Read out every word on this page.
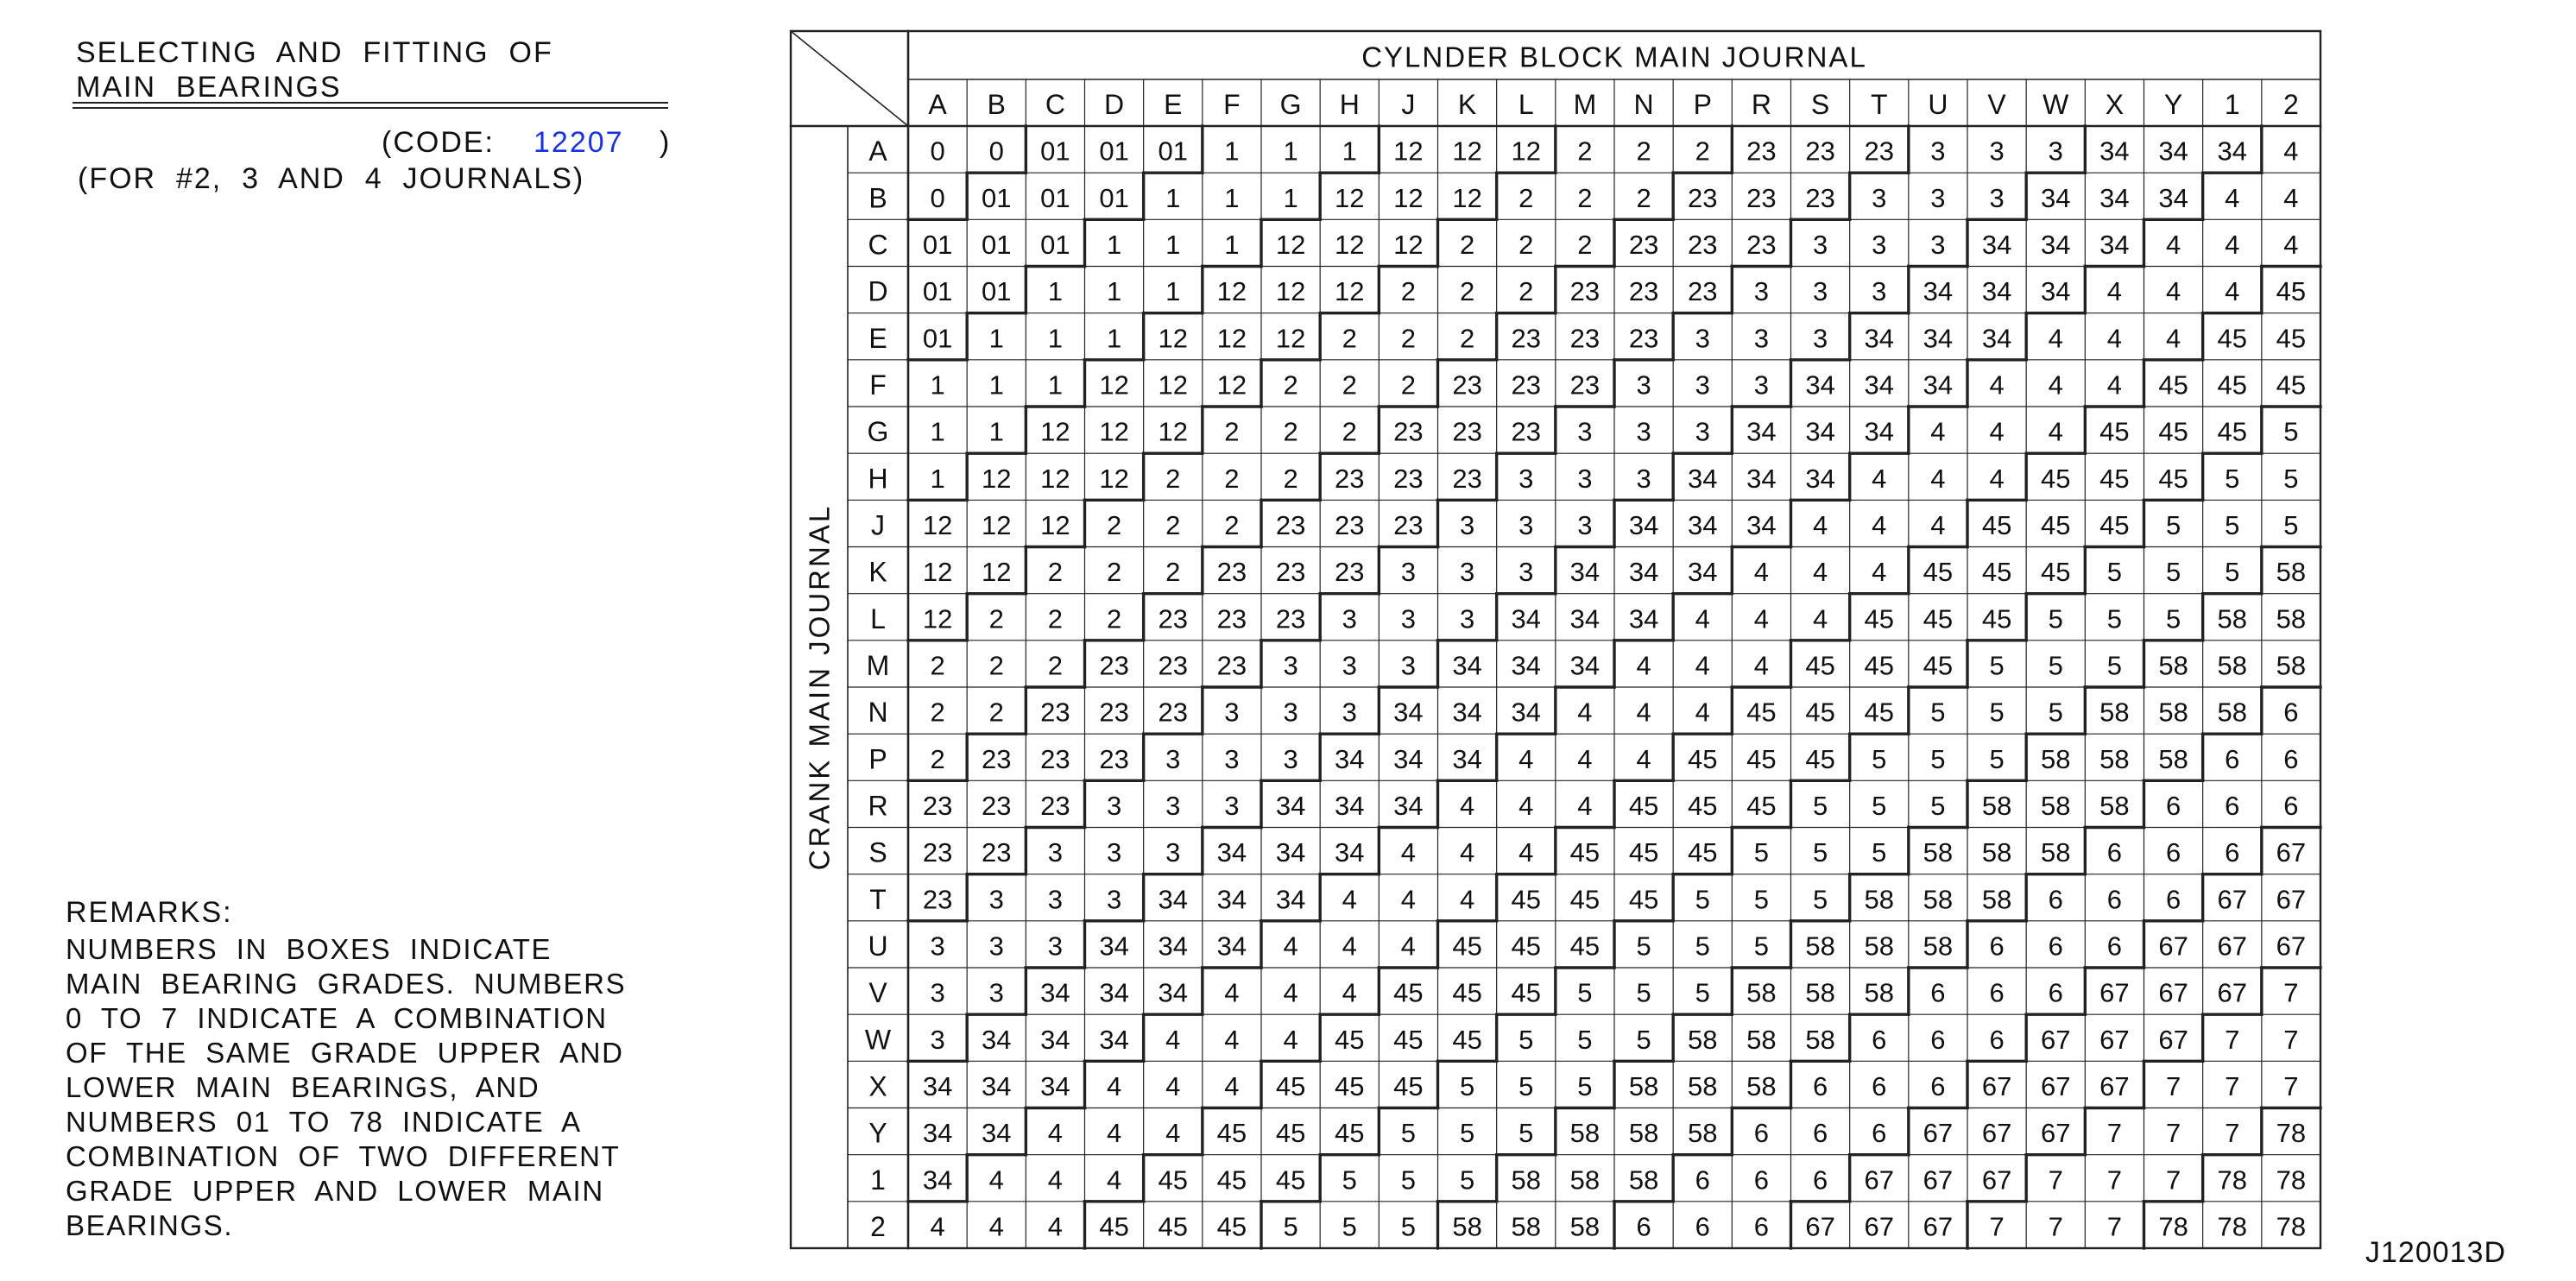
SELECTING  AND  FITTING  OF
MAIN  BEARINGS
(CODE: 12207 )
(FOR  #2,  3  AND  4  JOURNALS)
REMARKS:
NUMBERS  IN  BOXES  INDICATE
MAIN  BEARING  GRADES.  NUMBERS
0  TO  7  INDICATE  A  COMBINATION
OF  THE  SAME  GRADE  UPPER  AND
LOWER  MAIN  BEARINGS,  AND
NUMBERS  01  TO  78  INDICATE  A
COMBINATION  OF  TWO  DIFFERENT
GRADE  UPPER  AND  LOWER  MAIN
BEARINGS.
J120013D
CYLNDER BLOCK MAIN JOURNAL
CRANK MAIN JOURNAL
A B C D E F G H J K L M N P R S T U V W X Y 1 2
A
B
C
D
E
F
G
H
J
K
L
M
N
P
R
S
T
U
V
W
X
Y
1
2
0 0 01 01 01 1 1 1 12 12 12 2 2 2 23 23 23 3 3 3 34 34 34 4
0 01 01 01 1 1 1 12 12 12 2 2 2 23 23 23 3 3 3 34 34 34 4 4
01 01 01 1 1 1 12 12 12 2 2 2 23 23 23 3 3 3 34 34 34 4 4 4
01 01 1 1 1 12 12 12 2 2 2 23 23 23 3 3 3 34 34 34 4 4 4 45
01 1 1 1 12 12 12 2 2 2 23 23 23 3 3 3 34 34 34 4 4 4 45 45
1 1 1 12 12 12 2 2 2 23 23 23 3 3 3 34 34 34 4 4 4 45 45 45
1 1 12 12 12 2 2 2 23 23 23 3 3 3 34 34 34 4 4 4 45 45 45 5
1 12 12 12 2 2 2 23 23 23 3 3 3 34 34 34 4 4 4 45 45 45 5 5
12 12 12 2 2 2 23 23 23 3 3 3 34 34 34 4 4 4 45 45 45 5 5 5
12 12 2 2 2 23 23 23 3 3 3 34 34 34 4 4 4 45 45 45 5 5 5 58
12 2 2 2 23 23 23 3 3 3 34 34 34 4 4 4 45 45 45 5 5 5 58 58
2 2 2 23 23 23 3 3 3 34 34 34 4 4 4 45 45 45 5 5 5 58 58 58
2 2 23 23 23 3 3 3 34 34 34 4 4 4 45 45 45 5 5 5 58 58 58 6
2 23 23 23 3 3 3 34 34 34 4 4 4 45 45 45 5 5 5 58 58 58 6 6
23 23 23 3 3 3 34 34 34 4 4 4 45 45 45 5 5 5 58 58 58 6 6 6
23 23 3 3 3 34 34 34 4 4 4 45 45 45 5 5 5 58 58 58 6 6 6 67
23 3 3 3 34 34 34 4 4 4 45 45 45 5 5 5 58 58 58 6 6 6 67 67
3 3 3 34 34 34 4 4 4 45 45 45 5 5 5 58 58 58 6 6 6 67 67 67
3 3 34 34 34 4 4 4 45 45 45 5 5 5 58 58 58 6 6 6 67 67 67 7
3 34 34 34 4 4 4 45 45 45 5 5 5 58 58 58 6 6 6 67 67 67 7 7
34 34 34 4 4 4 45 45 45 5 5 5 58 58 58 6 6 6 67 67 67 7 7 7
34 34 4 4 4 45 45 45 5 5 5 58 58 58 6 6 6 67 67 67 7 7 7 78
34 4 4 4 45 45 45 5 5 5 58 58 58 6 6 6 67 67 67 7 7 7 78 78
4 4 4 45 45 45 5 5 5 58 58 58 6 6 6 67 67 67 7 7 7 78 78 78
